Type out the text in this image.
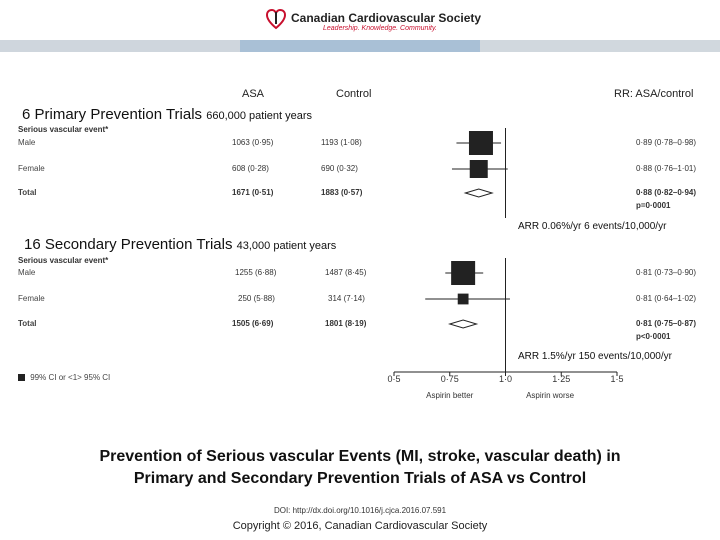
Canadian Cardiovascular Society
Leadership. Knowledge. Community.
ASA	Control	RR: ASA/control
6 Primary Prevention Trials 660,000 patient years
Serious vascular event*
Male	1063 (0·95)	1193 (1·08)	0·89 (0·78–0·98)
Female	608 (0·28)	690 (0·32)	0·88 (0·76–1·01)
Total	1671 (0·51)	1883 (0·57)	0·88 (0·82–0·94)
p=0·0001
ARR 0.06%/yr 6 events/10,000/yr
16 Secondary Prevention Trials 43,000 patient years
Serious vascular event*
Male	1255 (6·88)	1487 (8·45)	0·81 (0·73–0·90)
Female	250 (5·88)	314 (7·14)	0·81 (0·64–1·02)
Total	1505 (6·69)	1801 (8·19)	0·81 (0·75–0·87)
p<0·0001
ARR 1.5%/yr 150 events/10,000/yr
99% CI or <1> 95% CI	0·5	0·75	1·0	1·25	1·5
Aspirin better	Aspirin worse
Prevention of Serious vascular Events (MI, stroke, vascular death) in
Primary and Secondary Prevention Trials of ASA vs Control
DOI: http://dx.doi.org/10.1016/j.cjca.2016.07.591
Copyright © 2016, Canadian Cardiovascular Society
